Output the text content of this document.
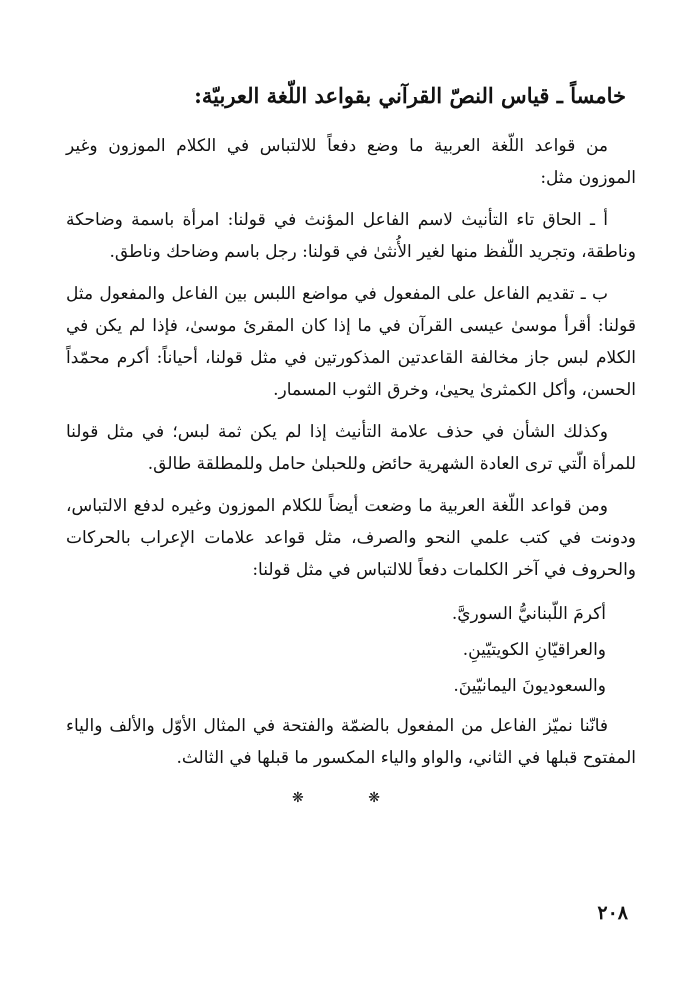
خامساً ـ قياس النصّ القرآني بقواعد اللّغة العربيّة:

من قواعد اللّغة العربية ما وضع دفعاً للالتباس في الكلام الموزون وغير الموزون مثل:

أ ـ الحاق تاء التأنيث لاسم الفاعل المؤنث في قولنا: امرأة باسمة وضاحكة وناطقة، وتجريد اللّفظ منها لغير الأُنثىٰ في قولنا: رجل باسم وضاحك وناطق.

ب ـ تقديم الفاعل على المفعول في مواضع اللبس بين الفاعل والمفعول مثل قولنا: أقرأ موسىٰ عيسى القرآن في ما إذا كان المقرئ موسىٰ، فإذا لم يكن في الكلام لبس جاز مخالفة القاعدتين المذكورتين في مثل قولنا، أحياناً: أكرم محمّداً الحسن، وأكل الكمثرىٰ يحيىٰ، وخرق الثوب المسمار.

وكذلك الشأن في حذف علامة التأنيث إذا لم يكن ثمة لبس؛ في مثل قولنا للمرأة الّتي ترى العادة الشهرية حائض وللحبلىٰ حامل وللمطلقة طالق.

ومن قواعد اللّغة العربية ما وضعت أيضاً للكلام الموزون وغيره لدفع الالتباس، ودونت في كتب علمي النحو والصرف، مثل قواعد علامات الإعراب بالحركات والحروف في آخر الكلمات دفعاً للالتباس في مثل قولنا:

أكرمَ اللّبنانيُّ السوريَّ.
والعراقيّانِ الكويتيّينِ.
والسعوديونَ اليمانيّينَ.

فانّنا نميّز الفاعل من المفعول بالضمّة والفتحة في المثال الأوّل والألف والياء المفتوح قبلها في الثاني، والواو والياء المكسور ما قبلها في الثالث.

❋ ❋
٢٠٨
